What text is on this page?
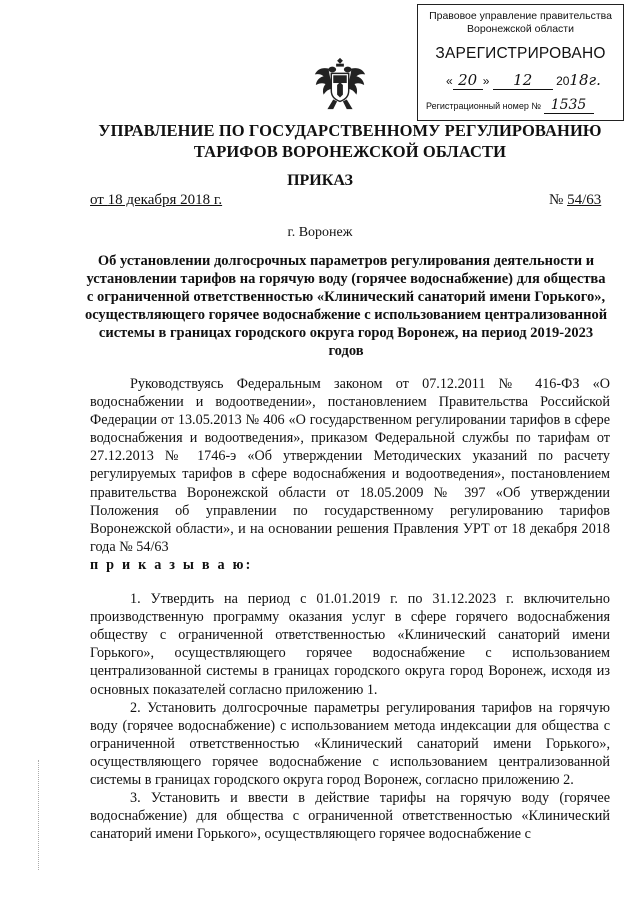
Правовое управление правительства
Воронежской области
ЗАРЕГИСТРИРОВАНО
« 20 » 12 2018г.
Регистрационный номер № 1535
УПРАВЛЕНИЕ ПО ГОСУДАРСТВЕННОМУ РЕГУЛИРОВАНИЮ
ТАРИФОВ ВОРОНЕЖСКОЙ ОБЛАСТИ
ПРИКАЗ
от 18 декабря 2018 г.	№ 54/63
г. Воронеж
Об установлении долгосрочных параметров регулирования деятельности и установлении тарифов на горячую воду (горячее водоснабжение) для общества с ограниченной ответственностью «Клинический санаторий имени Горького», осуществляющего горячее водоснабжение с использованием централизованной системы в границах городского округа город Воронеж, на период 2019-2023 годов

Руководствуясь Федеральным законом от 07.12.2011 № 416-ФЗ «О водоснабжении и водоотведении», постановлением Правительства Российской Федерации от 13.05.2013 № 406 «О государственном регулировании тарифов в сфере водоснабжения и водоотведения», приказом Федеральной службы по тарифам от 27.12.2013 № 1746-э «Об утверждении Методических указаний по расчету регулируемых тарифов в сфере водоснабжения и водоотведения», постановлением правительства Воронежской области от 18.05.2009 № 397 «Об утверждении Положения об управлении по государственному регулированию тарифов Воронежской области», и на основании решения Правления УРТ от 18 декабря 2018 года № 54/63

п р и к а з ы в а ю:

1. Утвердить на период с 01.01.2019 г. по 31.12.2023 г. включительно производственную программу оказания услуг в сфере горячего водоснабжения обществу с ограниченной ответственностью «Клинический санаторий имени Горького», осуществляющего горячее водоснабжение с использованием централизованной системы в границах городского округа город Воронеж, исходя из основных показателей согласно приложению 1.

2. Установить долгосрочные параметры регулирования тарифов на горячую воду (горячее водоснабжение) с использованием метода индексации для общества с ограниченной ответственностью «Клинический санаторий имени Горького», осуществляющего горячее водоснабжение с использованием централизованной системы в границах городского округа город Воронеж, согласно приложению 2.

3. Установить и ввести в действие тарифы на горячую воду (горячее водоснабжение) для общества с ограниченной ответственностью «Клинический санаторий имени Горького», осуществляющего горячее водоснабжение с
